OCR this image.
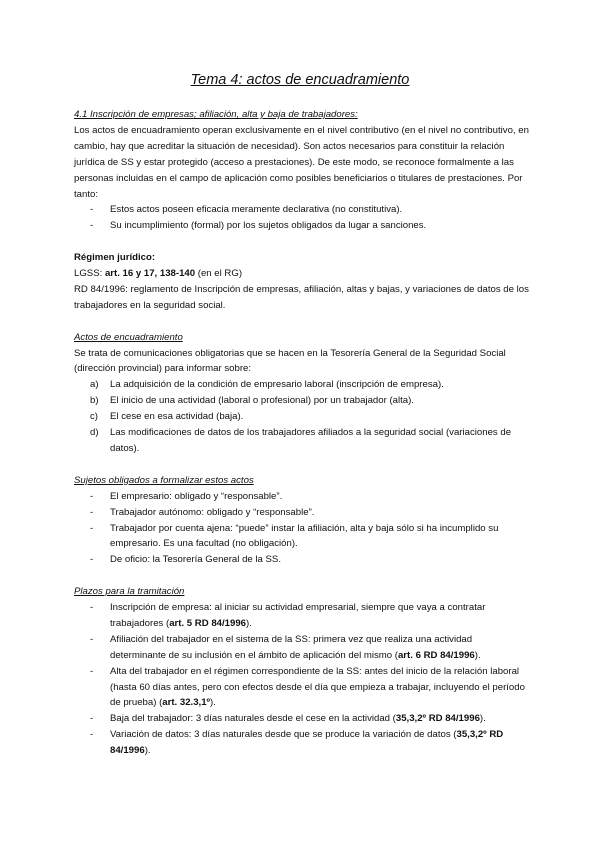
Tema 4: actos de encuadramiento

4.1 Inscripción de empresas; afiliación, alta y baja de trabajadores:

Los actos de encuadramiento operan exclusivamente en el nivel contributivo (en el nivel no contributivo, en cambio, hay que acreditar la situación de necesidad). Son actos necesarios para constituir la relación jurídica de SS y estar protegido (acceso a prestaciones). De este modo, se reconoce formalmente a las personas incluidas en el campo de aplicación como posibles beneficiarios o titulares de prestaciones. Por tanto:

- Estos actos poseen eficacia meramente declarativa (no constitutiva).
- Su incumplimiento (formal) por los sujetos obligados da lugar a sanciones.

Régimen jurídico:

LGSS: art. 16 y 17, 138-140 (en el RG)

RD 84/1996: reglamento de Inscripción de empresas, afiliación, altas y bajas, y variaciones de datos de los trabajadores en la seguridad social.

Actos de encuadramiento

Se trata de comunicaciones obligatorias que se hacen en la Tesorería General de la Seguridad Social (dirección provincial) para informar sobre:

a) La adquisición de la condición de empresario laboral (inscripción de empresa).
b) El inicio de una actividad (laboral o profesional) por un trabajador (alta).
c) El cese en esa actividad (baja).
d) Las modificaciones de datos de los trabajadores afiliados a la seguridad social (variaciones de datos).

Sujetos obligados a formalizar estos actos

- El empresario: obligado y “responsable”.
- Trabajador autónomo: obligado y “responsable”.
- Trabajador por cuenta ajena: “puede” instar la afiliación, alta y baja sólo si ha incumplido su empresario. Es una facultad (no obligación).
- De oficio: la Tesorería General de la SS.

Plazos para la tramitación

- Inscripción de empresa: al iniciar su actividad empresarial, siempre que vaya a contratar trabajadores (art. 5 RD 84/1996).
- Afiliación del trabajador en el sistema de la SS: primera vez que realiza una actividad determinante de su inclusión en el ámbito de aplicación del mismo (art. 6 RD 84/1996).
- Alta del trabajador en el régimen correspondiente de la SS: antes del inicio de la relación laboral (hasta 60 días antes, pero con efectos desde el día que empieza a trabajar, incluyendo el período de prueba) (art. 32.3,1º).
- Baja del trabajador: 3 días naturales desde el cese en la actividad (35,3,2º RD 84/1996).
- Variación de datos: 3 días naturales desde que se produce la variación de datos (35,3,2º RD 84/1996).
